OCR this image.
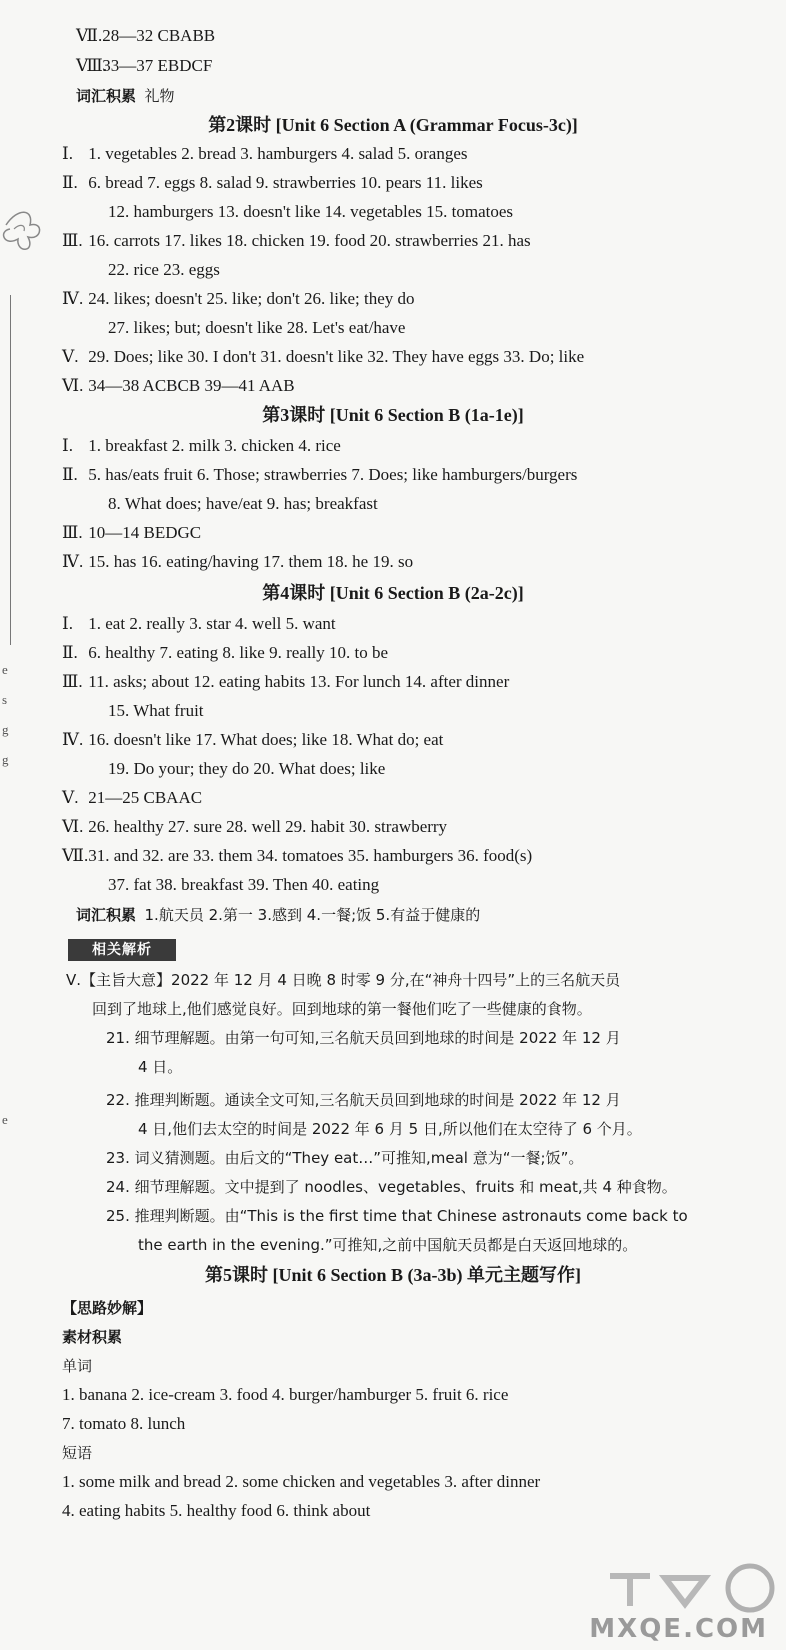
e
s
g
g
e
Ⅶ. 28—32 CBABB
Ⅷ. 33—37 EBDCF
词汇积累 礼物
第2课时 [Unit 6 Section A (Grammar Focus-3c)]
Ⅰ. 1. vegetables 2. bread 3. hamburgers 4. salad 5. oranges
Ⅱ. 6. bread 7. eggs 8. salad 9. strawberries 10. pears 11. likes
12. hamburgers 13. doesn't like 14. vegetables 15. tomatoes
Ⅲ. 16. carrots 17. likes 18. chicken 19. food 20. strawberries 21. has
22. rice 23. eggs
Ⅳ. 24. likes; doesn't 25. like; don't 26. like; they do
27. likes; but; doesn't like 28. Let's eat/have
Ⅴ. 29. Does; like 30. I don't 31. doesn't like 32. They have eggs 33. Do; like
Ⅵ. 34—38 ACBCB 39—41 AAB
第3课时 [Unit 6 Section B (1a-1e)]
Ⅰ. 1. breakfast 2. milk 3. chicken 4. rice
Ⅱ. 5. has/eats fruit 6. Those; strawberries 7. Does; like hamburgers/burgers
8. What does; have/eat 9. has; breakfast
Ⅲ. 10—14 BEDGC
Ⅳ. 15. has 16. eating/having 17. them 18. he 19. so
第4课时 [Unit 6 Section B (2a-2c)]
Ⅰ. 1. eat 2. really 3. star 4. well 5. want
Ⅱ. 6. healthy 7. eating 8. like 9. really 10. to be
Ⅲ. 11. asks; about 12. eating habits 13. For lunch 14. after dinner
15. What fruit
Ⅳ. 16. doesn't like 17. What does; like 18. What do; eat
19. Do your; they do 20. What does; like
Ⅴ. 21—25 CBAAC
Ⅵ. 26. healthy 27. sure 28. well 29. habit 30. strawberry
Ⅶ. 31. and 32. are 33. them 34. tomatoes 35. hamburgers 36. food(s)
37. fat 38. breakfast 39. Then 40. eating
词汇积累 1.航天员 2.第一 3.感到 4.一餐;饭 5.有益于健康的
相关解析
Ⅴ.【主旨大意】2022 年 12 月 4 日晚 8 时零 9 分,在“神舟十四号”上的三名航天员
回到了地球上,他们感觉良好。回到地球的第一餐他们吃了一些健康的食物。
21. 细节理解题。由第一句可知,三名航天员回到地球的时间是 2022 年 12 月
4 日。
22. 推理判断题。通读全文可知,三名航天员回到地球的时间是 2022 年 12 月
4 日,他们去太空的时间是 2022 年 6 月 5 日,所以他们在太空待了 6 个月。
23. 词义猜测题。由后文的“They eat…”可推知,meal 意为“一餐;饭”。
24. 细节理解题。文中提到了 noodles、vegetables、fruits 和 meat,共 4 种食物。
25. 推理判断题。由“This is the first time that Chinese astronauts come back to
the earth in the evening.”可推知,之前中国航天员都是白天返回地球的。
第5课时 [Unit 6 Section B (3a-3b) 单元主题写作]
【思路妙解】
素材积累
单词
1. banana 2. ice-cream 3. food 4. burger/hamburger 5. fruit 6. rice
7. tomato 8. lunch
短语
1. some milk and bread 2. some chicken and vegetables 3. after dinner
4. eating habits 5. healthy food 6. think about
MXQE.COM
